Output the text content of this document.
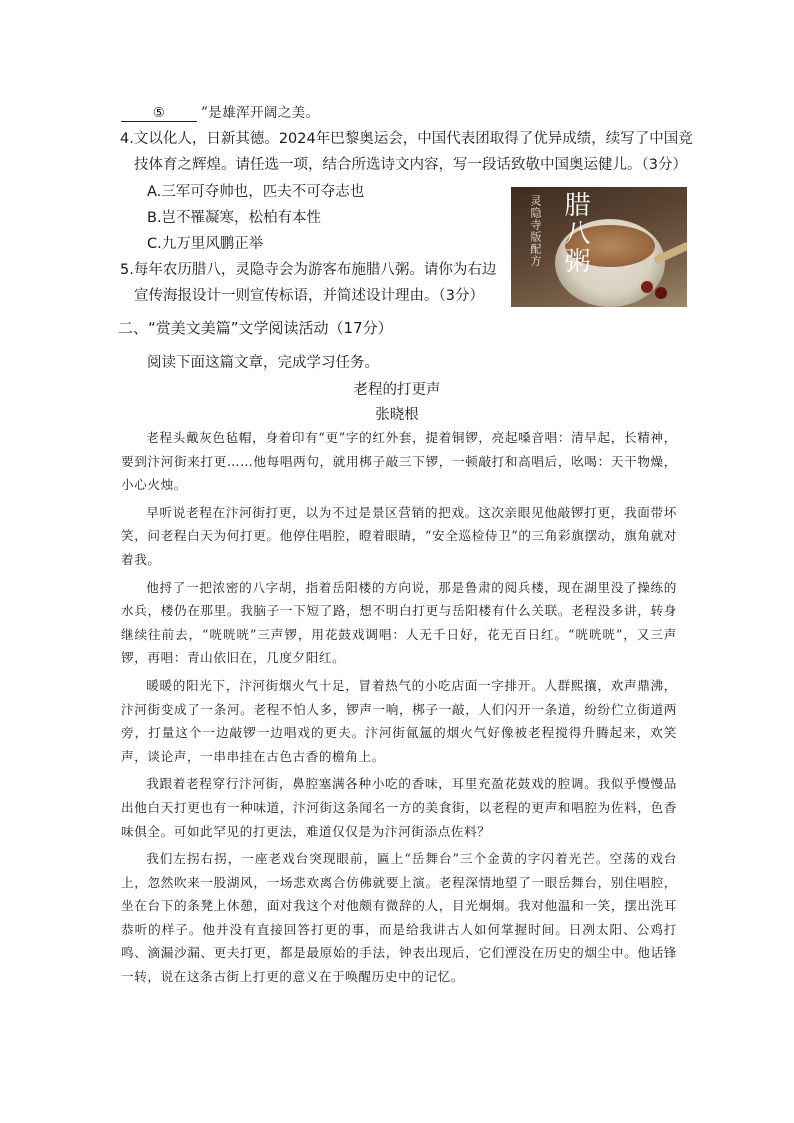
⑤	”是雄浑开阔之美。
4.文以化人，日新其德。2024年巴黎奥运会，中国代表团取得了优异成绩，续写了中国竞
技体育之辉煌。请任选一项，结合所选诗文内容，写一段话致敬中国奥运健儿。（3分）
A.三军可夺帅也，匹夫不可夺志也
B.岂不罹凝寒，松柏有本性
C.九万里风鹏正举
5.每年农历腊八，灵隐寺会为游客布施腊八粥。请你为右边
宣传海报设计一则宣传标语，并简述设计理由。（3分）
灵隐寺版配方 腊八粥
二、“赏美文美篇”文学阅读活动（17分）
阅读下面这篇文章，完成学习任务。
老程的打更声
张晓根

老程头戴灰色毡帽，身着印有“更”字的红外套，提着铜锣，亮起嗓音唱：清早起，长精神，要到汴河街来打更……他每唱两句，就用梆子敲三下锣，一顿敲打和高唱后，吆喝：天干物燥，小心火烛。

早听说老程在汴河街打更，以为不过是景区营销的把戏。这次亲眼见他敲锣打更，我面带坏笑，问老程白天为何打更。他停住唱腔，瞪着眼睛，“安全巡检侍卫”的三角彩旗摆动，旗角就对着我。

他捋了一把浓密的八字胡，指着岳阳楼的方向说，那是鲁肃的阅兵楼，现在湖里没了操练的水兵，楼仍在那里。我脑子一下短了路，想不明白打更与岳阳楼有什么关联。老程没多讲，转身继续往前去，“咣咣咣”三声锣，用花鼓戏调唱：人无千日好，花无百日红。“咣咣咣”，又三声锣，再唱：青山依旧在，几度夕阳红。

暖暖的阳光下，汴河街烟火气十足，冒着热气的小吃店面一字排开。人群熙攘，欢声鼎沸，汴河街变成了一条河。老程不怕人多，锣声一响，梆子一敲，人们闪开一条道，纷纷伫立街道两旁，打量这个一边敲锣一边唱戏的更夫。汴河街氤氲的烟火气好像被老程搅得升腾起来，欢笑声，谈论声，一串串挂在古色古香的檐角上。

我跟着老程穿行汴河街，鼻腔塞满各种小吃的香味，耳里充盈花鼓戏的腔调。我似乎慢慢品出他白天打更也有一种味道，汴河街这条闻名一方的美食街，以老程的更声和唱腔为佐料，色香味俱全。可如此罕见的打更法，难道仅仅是为汴河街添点佐料？

我们左拐右拐，一座老戏台突现眼前，匾上“岳舞台”三个金黄的字闪着光芒。空荡的戏台上，忽然吹来一股湖风，一场悲欢离合仿佛就要上演。老程深情地望了一眼岳舞台，别住唱腔，坐在台下的条凳上休憩，面对我这个对他颇有微辞的人，目光炯炯。我对他温和一笑，摆出洗耳恭听的样子。他并没有直接回答打更的事，而是给我讲古人如何掌握时间。日冽太阳、公鸡打鸣、滴漏沙漏、更夫打更，都是最原始的手法，钟表出现后，它们湮没在历史的烟尘中。他话锋一转，说在这条古街上打更的意义在于唤醒历史中的记忆。
